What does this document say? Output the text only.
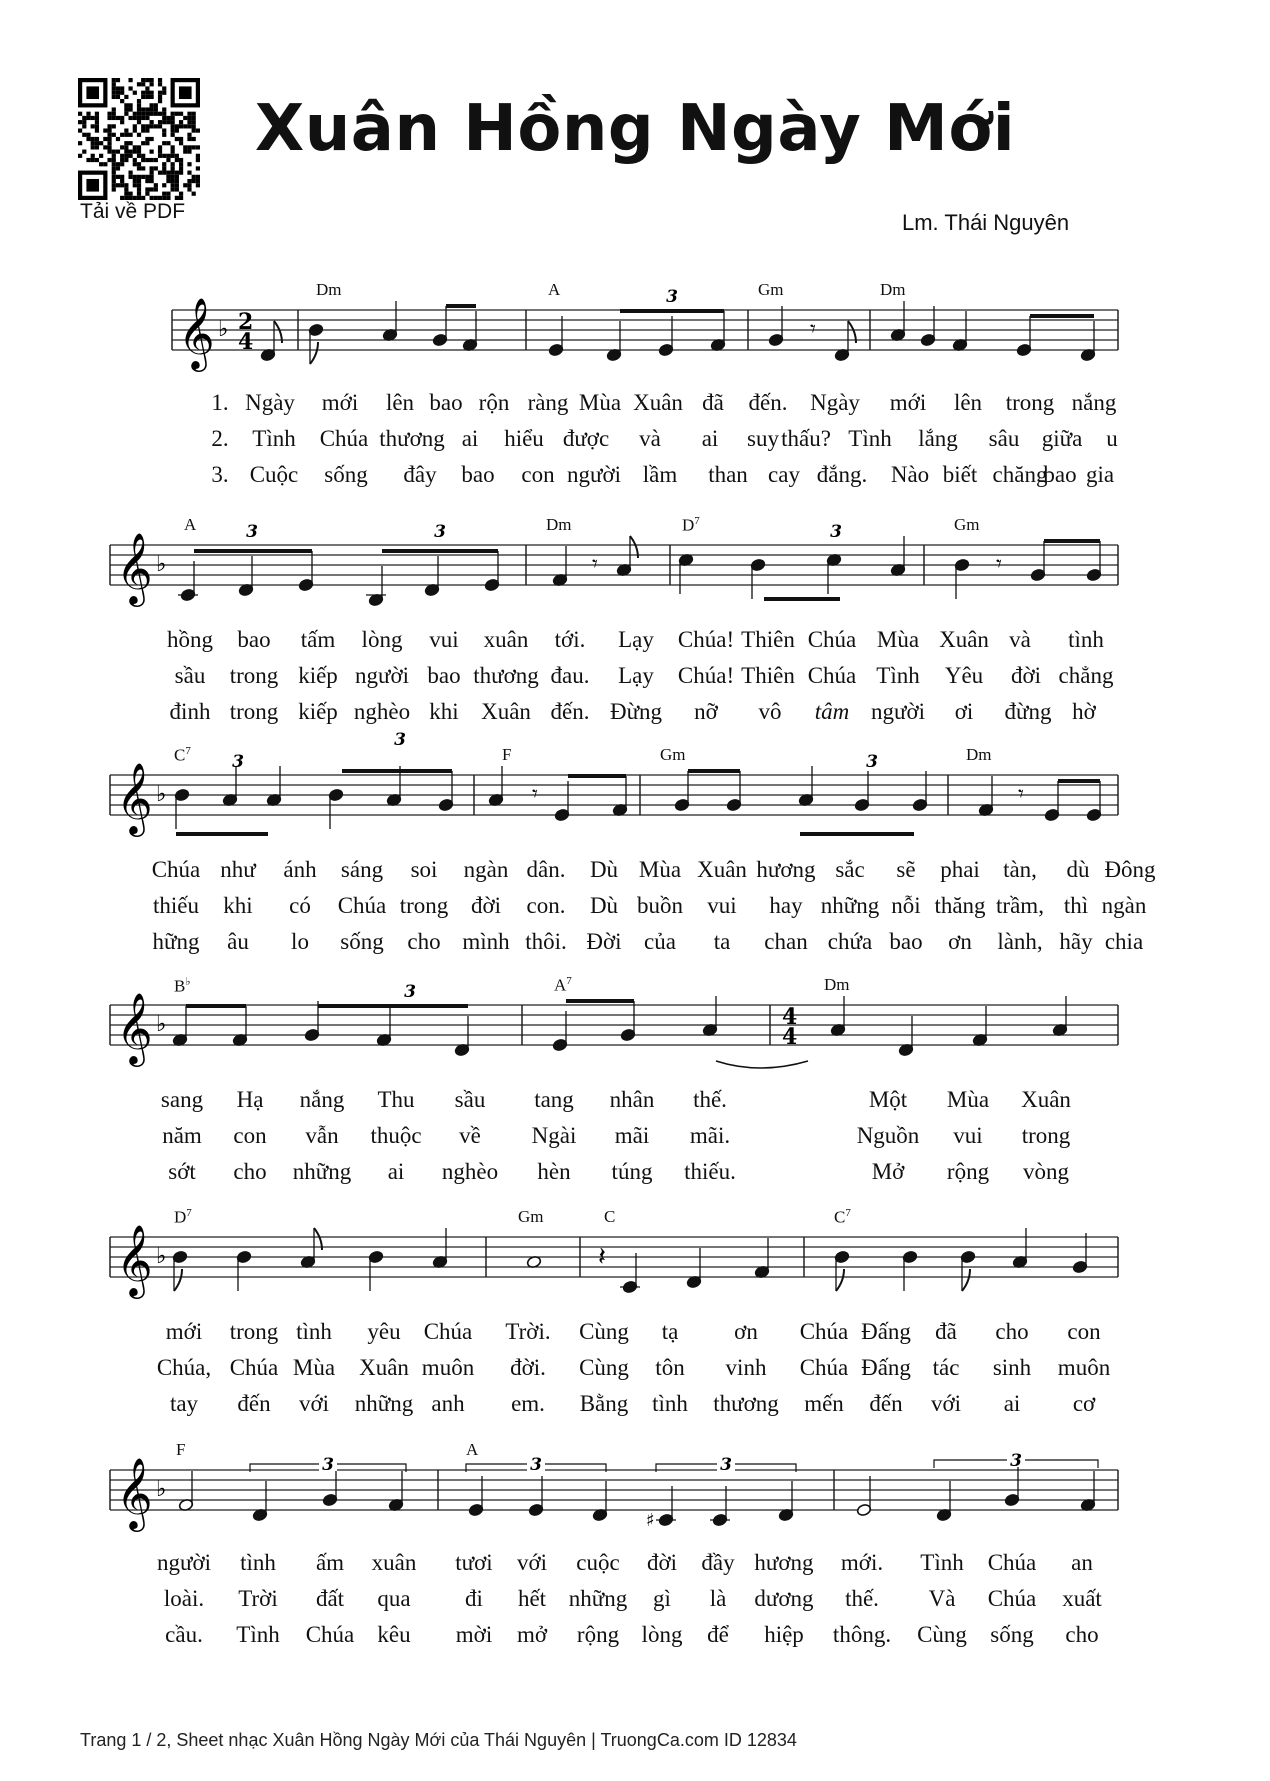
Tải về PDF
Xuân Hồng Ngày Mới
Lm. Thái Nguyên
𝄞 ♭ 2
4
3
𝄾
Dm	A	Gm	Dm
1. Ngày mới lên bao rộn ràng Mùa Xuân đã đến. Ngày mới lên trong nắng
2. Tình Chúa thương ai hiểu được và ai suy thấu? Tình lắng sâu giữa u
3. Cuộc sống đây bao con người lầm than cay đắng. Nào biết chăng
bao gia
𝄞 ♭
3	3
𝄾
3
𝄾
A	Dm	$D^7$	Gm
hồng bao tấm lòng vui xuân tới. Lạy Chúa! Thiên Chúa Mùa Xuân và tình
sầu trong kiếp người bao thương đau. Lạy Chúa! Thiên Chúa Tình Yêu đời chẳng
đinh trong kiếp nghèo khi Xuân đến. Đừng nỡ vô tâm người ơi đừng hờ
𝄞 ♭
3
3
𝄾
3
𝄾
$C^7$	F	Gm	Dm
Chúa như ánh sáng soi ngàn dân. Dù Mùa Xuân hương sắc sẽ phai tàn, dù Đông
thiếu khi có Chúa trong đời con. Dù buồn vui hay những nỗi thăng trầm, thì ngàn
hững âu lo sống cho mình thôi. Đời của ta chan chứa bao ơn lành, hãy chia
𝄞 ♭
3
4
4
B♭	$A^7$	Dm
sang Hạ nắng Thu sầu tang nhân thế.	Một Mùa Xuân
năm con vẫn thuộc về Ngài mãi mãi.	Nguồn vui trong
sớt cho những ai nghèo hèn túng thiếu.	Mở rộng vòng
𝄞 ♭	𝄽
$D^7$	Gm	C	$C^7$
mới trong tình yêu Chúa Trời. Cùng tạ ơn Chúa Đấng đã cho con
Chúa, Chúa Mùa Xuân muôn đời. Cùng tôn vinh Chúa Đấng tác sinh muôn
tay đến với những anh em. Bằng tình thương mến đến với ai cơ
𝄞 ♭
3	3
♯
3	3
F	A
người tình ấm xuân tươi với cuộc đời đầy hương mới. Tình Chúa an
loài. Trời đất qua đi hết những gì là dương thế. Và Chúa xuất
cầu. Tình Chúa kêu mời mở rộng lòng để hiệp thông. Cùng sống cho
Trang 1 / 2, Sheet nhạc Xuân Hồng Ngày Mới của Thái Nguyên | TruongCa.com ID 12834
